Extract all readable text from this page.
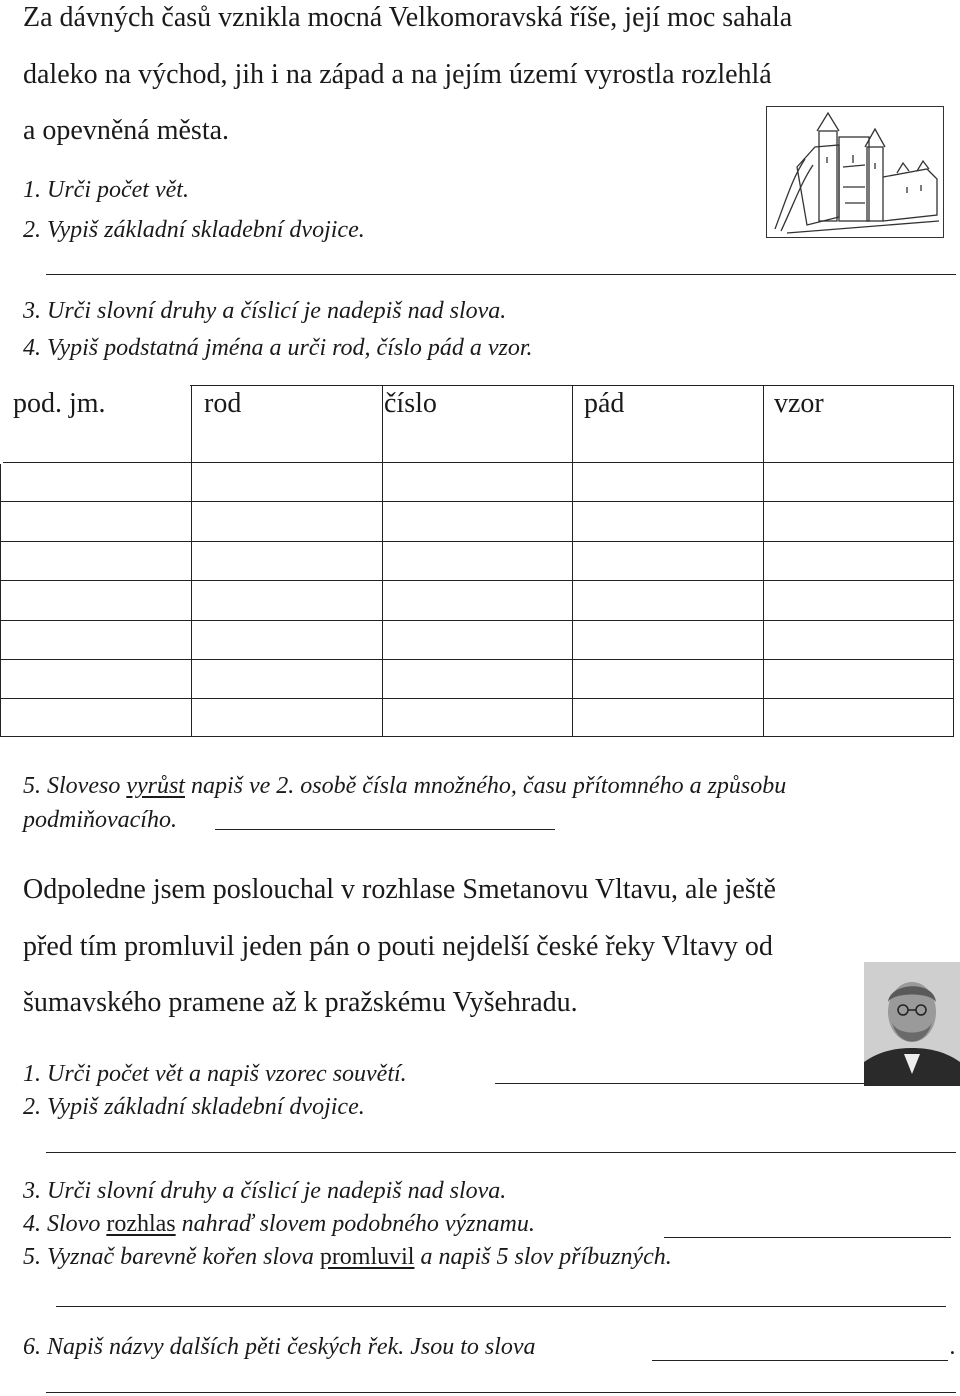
Za dávných časů vznikla mocná Velkomoravská říše, její moc sahala
daleko na východ, jih i na západ a na jejím území vyrostla rozlehlá
a opevněná města.
1. Urči počet vět.
2. Vypiš základní skladební dvojice.
3. Urči slovní druhy a číslicí je nadepiš nad slova.
4. Vypiš podstatná jména a urči rod, číslo pád a vzor.
pod. jm.	rod	číslo	pád	vzor
5. Sloveso vyrůst napiš ve 2. osobě čísla množného, času přítomného a způsobu
podmiňovacího.
Odpoledne jsem poslouchal v rozhlase Smetanovu Vltavu, ale ještě
před tím promluvil jeden pán o pouti nejdelší české řeky Vltavy od
šumavského pramene až k pražskému Vyšehradu.
1. Urči počet vět a napiš vzorec souvětí.
2. Vypiš základní skladební dvojice.
3. Urči slovní druhy a číslicí je nadepiš nad slova.
4. Slovo rozhlas nahraď slovem podobného významu.
5. Vyznač barevně kořen slova promluvil a napiš 5 slov příbuzných.
6. Napiš názvy dalších pěti českých řek. Jsou to slova	.
